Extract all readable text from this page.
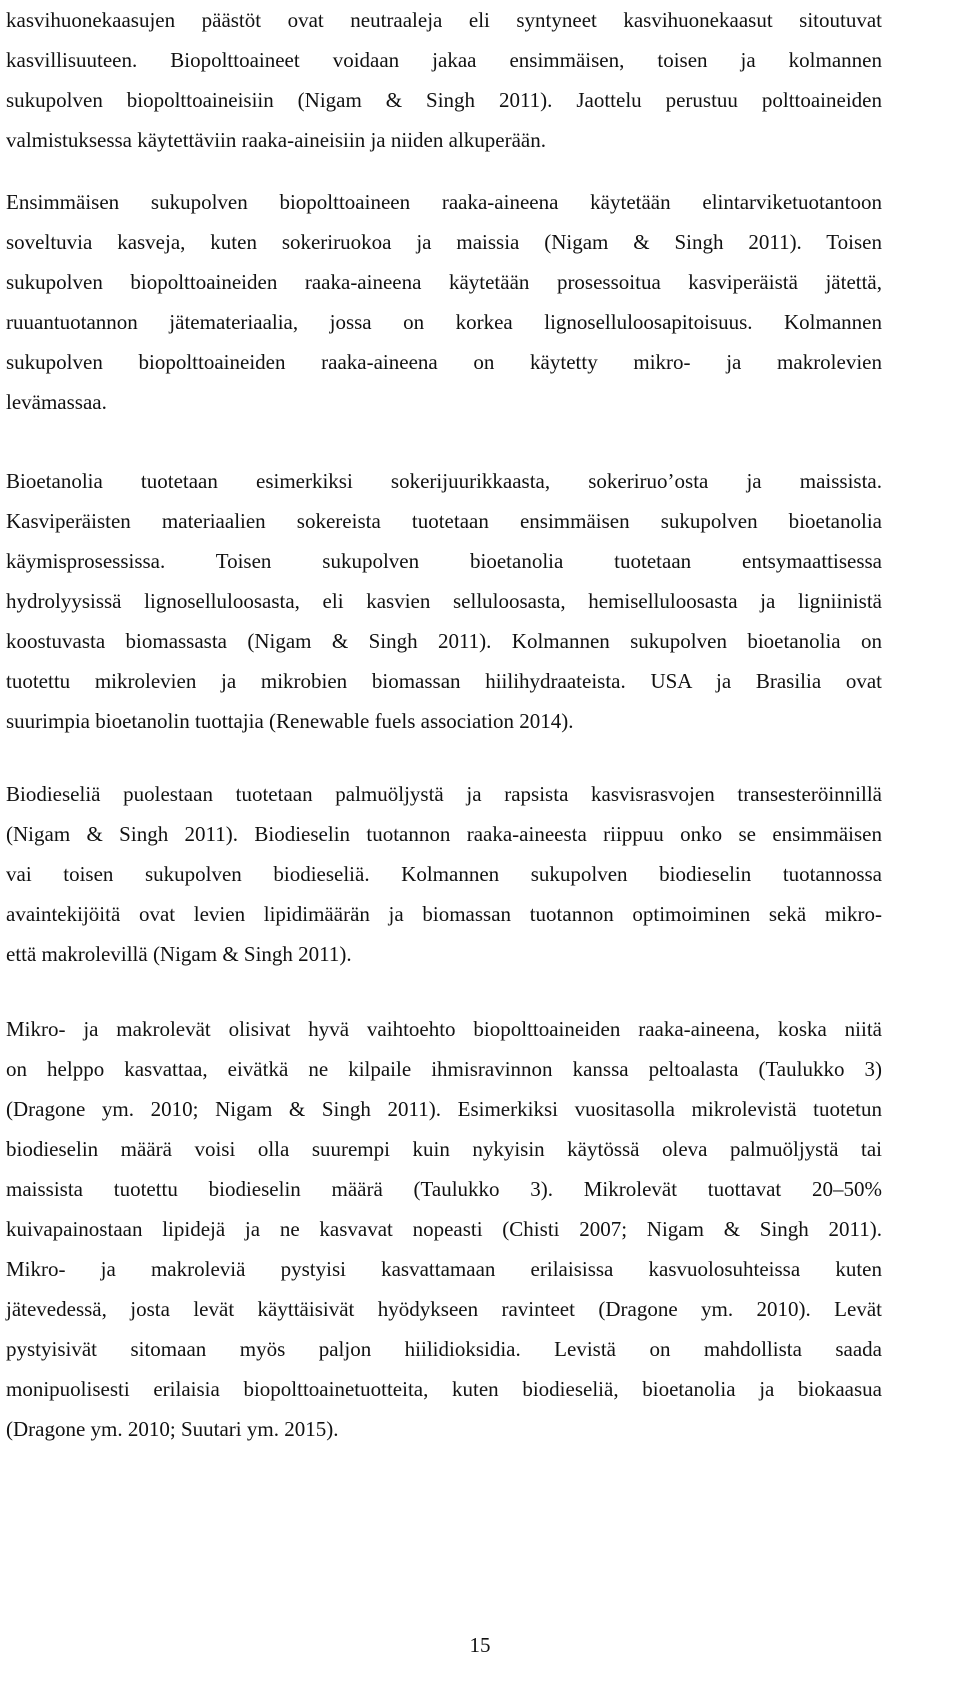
kasvihuonekaasujen päästöt ovat neutraaleja eli syntyneet kasvihuonekaasut sitoutuvat
kasvillisuuteen. Biopolttoaineet voidaan jakaa ensimmäisen, toisen ja kolmannen
sukupolven biopolttoaineisiin (Nigam & Singh 2011). Jaottelu perustuu polttoaineiden
valmistuksessa käytettäviin raaka-aineisiin ja niiden alkuperään.
Ensimmäisen sukupolven biopolttoaineen raaka-aineena käytetään elintarviketuotantoon
soveltuvia kasveja, kuten sokeriruokoa ja maissia (Nigam & Singh 2011). Toisen
sukupolven biopolttoaineiden raaka-aineena käytetään prosessoitua kasviperäistä jätettä,
ruuantuotannon jätemateriaalia, jossa on korkea lignoselluloosapitoisuus. Kolmannen
sukupolven biopolttoaineiden raaka-aineena on käytetty mikro- ja makrolevien
levämassaa.
Bioetanolia tuotetaan esimerkiksi sokerijuurikkaasta, sokeriruo’osta ja maissista.
Kasviperäisten materiaalien sokereista tuotetaan ensimmäisen sukupolven bioetanolia
käymisprosessissa. Toisen sukupolven bioetanolia tuotetaan entsymaattisessa
hydrolyysissä lignoselluloosasta, eli kasvien selluloosasta, hemiselluloosasta ja ligniinistä
koostuvasta biomassasta (Nigam & Singh 2011). Kolmannen sukupolven bioetanolia on
tuotettu mikrolevien ja mikrobien biomassan hiilihydraateista. USA ja Brasilia ovat
suurimpia bioetanolin tuottajia (Renewable fuels association 2014).
Biodieseliä puolestaan tuotetaan palmuöljystä ja rapsista kasvisrasvojen transesteröinnillä
(Nigam & Singh 2011). Biodieselin tuotannon raaka-aineesta riippuu onko se ensimmäisen
vai toisen sukupolven biodieseliä. Kolmannen sukupolven biodieselin tuotannossa
avaintekijöitä ovat levien lipidimäärän ja biomassan tuotannon optimoiminen sekä mikro-
että makrolevillä (Nigam & Singh 2011).
Mikro- ja makrolevät olisivat hyvä vaihtoehto biopolttoaineiden raaka-aineena, koska niitä
on helppo kasvattaa, eivätkä ne kilpaile ihmisravinnon kanssa peltoalasta (Taulukko 3)
(Dragone ym. 2010; Nigam & Singh 2011). Esimerkiksi vuositasolla mikrolevistä tuotetun
biodieselin määrä voisi olla suurempi kuin nykyisin käytössä oleva palmuöljystä tai
maissista tuotettu biodieselin määrä (Taulukko 3). Mikrolevät tuottavat 20‒50%
kuivapainostaan lipidejä ja ne kasvavat nopeasti (Chisti 2007; Nigam & Singh 2011).
Mikro- ja makroleviä pystyisi kasvattamaan erilaisissa kasvuolosuhteissa kuten
jätevedessä, josta levät käyttäisivät hyödykseen ravinteet (Dragone ym. 2010). Levät
pystyisivät sitomaan myös paljon hiilidioksidia. Levistä on mahdollista saada
monipuolisesti erilaisia biopolttoainetuotteita, kuten biodieseliä, bioetanolia ja biokaasua
(Dragone ym. 2010; Suutari ym. 2015).
15
